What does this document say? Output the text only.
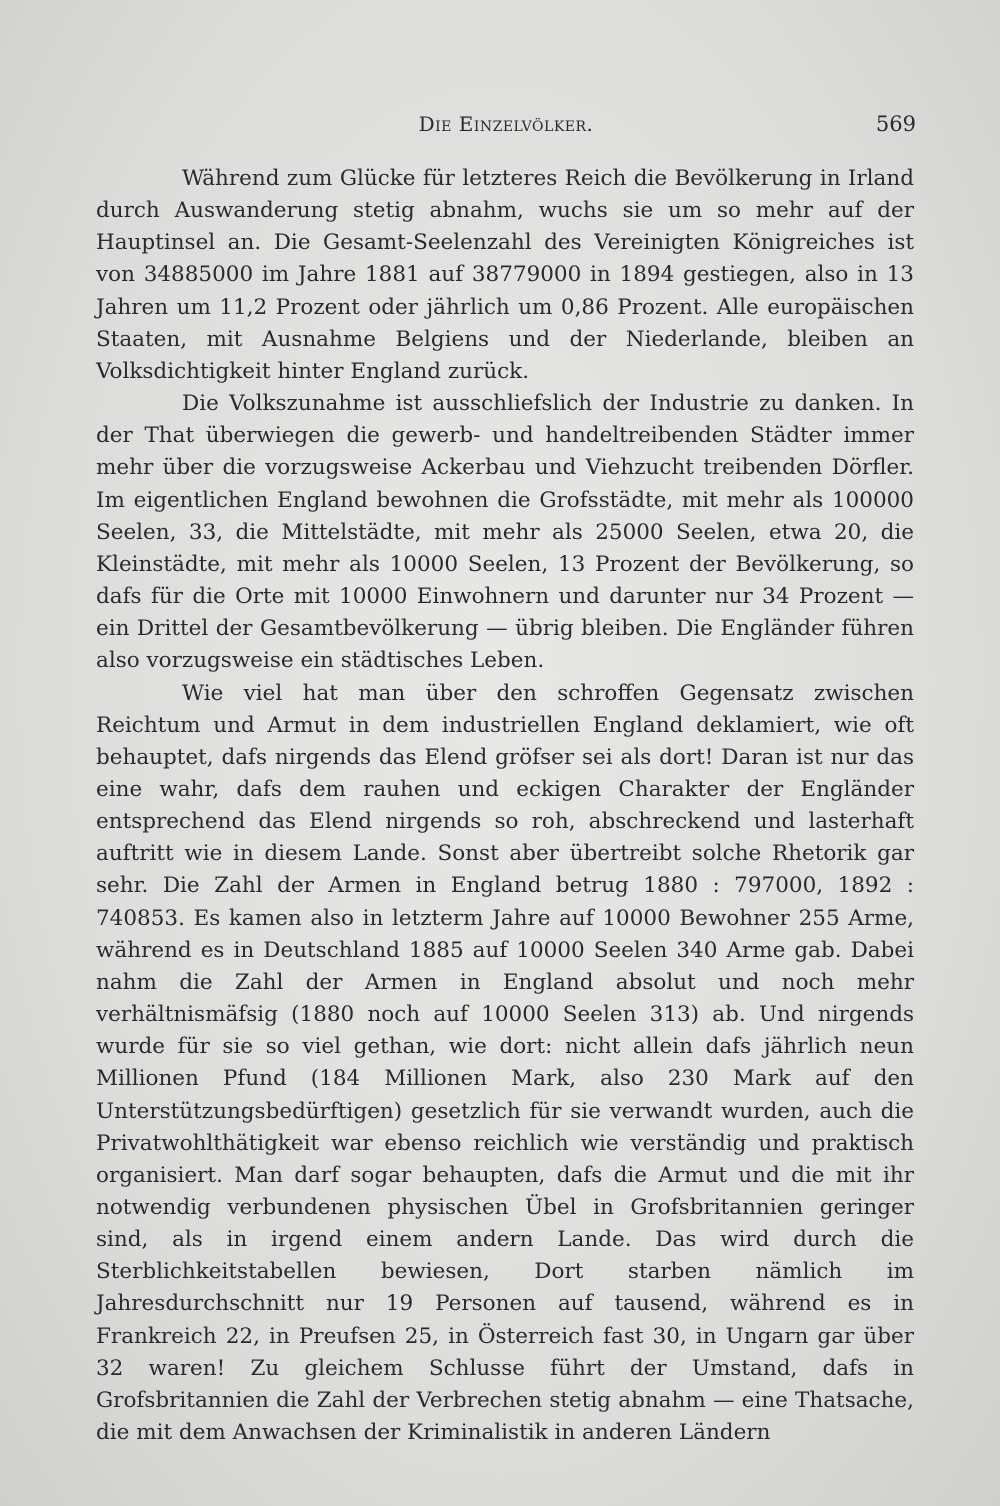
Die Einzelvölker.	569

Während zum Glücke für letzteres Reich die Bevölkerung in Irland durch Auswanderung stetig abnahm, wuchs sie um so mehr auf der Hauptinsel an. Die Gesamt-Seelenzahl des Vereinigten Königreiches ist von 34885000 im Jahre 1881 auf 38779000 in 1894 gestiegen, also in 13 Jahren um 11,2 Prozent oder jährlich um 0,86 Prozent. Alle europäischen Staaten, mit Ausnahme Belgiens und der Niederlande, bleiben an Volksdichtigkeit hinter England zurück.

Die Volkszunahme ist ausschliefslich der Industrie zu danken. In der That überwiegen die gewerb- und handeltreibenden Städter immer mehr über die vorzugsweise Ackerbau und Viehzucht treibenden Dörfler. Im eigentlichen England bewohnen die Grofsstädte, mit mehr als 100000 Seelen, 33, die Mittelstädte, mit mehr als 25000 Seelen, etwa 20, die Kleinstädte, mit mehr als 10000 Seelen, 13 Prozent der Bevölkerung, so dafs für die Orte mit 10000 Einwohnern und darunter nur 34 Prozent — ein Drittel der Gesamtbevölkerung — übrig bleiben. Die Engländer führen also vorzugsweise ein städtisches Leben.

Wie viel hat man über den schroffen Gegensatz zwischen Reichtum und Armut in dem industriellen England deklamiert, wie oft behauptet, dafs nirgends das Elend gröfser sei als dort! Daran ist nur das eine wahr, dafs dem rauhen und eckigen Charakter der Engländer entsprechend das Elend nirgends so roh, abschreckend und lasterhaft auftritt wie in diesem Lande. Sonst aber übertreibt solche Rhetorik gar sehr. Die Zahl der Armen in England betrug 1880 : 797000, 1892 : 740853. Es kamen also in letzterm Jahre auf 10000 Bewohner 255 Arme, während es in Deutschland 1885 auf 10000 Seelen 340 Arme gab. Dabei nahm die Zahl der Armen in England absolut und noch mehr verhältnismäfsig (1880 noch auf 10000 Seelen 313) ab. Und nirgends wurde für sie so viel gethan, wie dort: nicht allein dafs jährlich neun Millionen Pfund (184 Millionen Mark, also 230 Mark auf den Unterstützungsbedürftigen) gesetzlich für sie verwandt wurden, auch die Privatwohlthätigkeit war ebenso reichlich wie verständig und praktisch organisiert. Man darf sogar behaupten, dafs die Armut und die mit ihr notwendig verbundenen physischen Übel in Grofsbritannien geringer sind, als in irgend einem andern Lande. Das wird durch die Sterblichkeitstabellen bewiesen, Dort starben nämlich im Jahresdurchschnitt nur 19 Personen auf tausend, während es in Frankreich 22, in Preufsen 25, in Österreich fast 30, in Ungarn gar über 32 waren! Zu gleichem Schlusse führt der Umstand, dafs in Grofsbritannien die Zahl der Verbrechen stetig abnahm — eine Thatsache, die mit dem Anwachsen der Kriminalistik in anderen Ländern
